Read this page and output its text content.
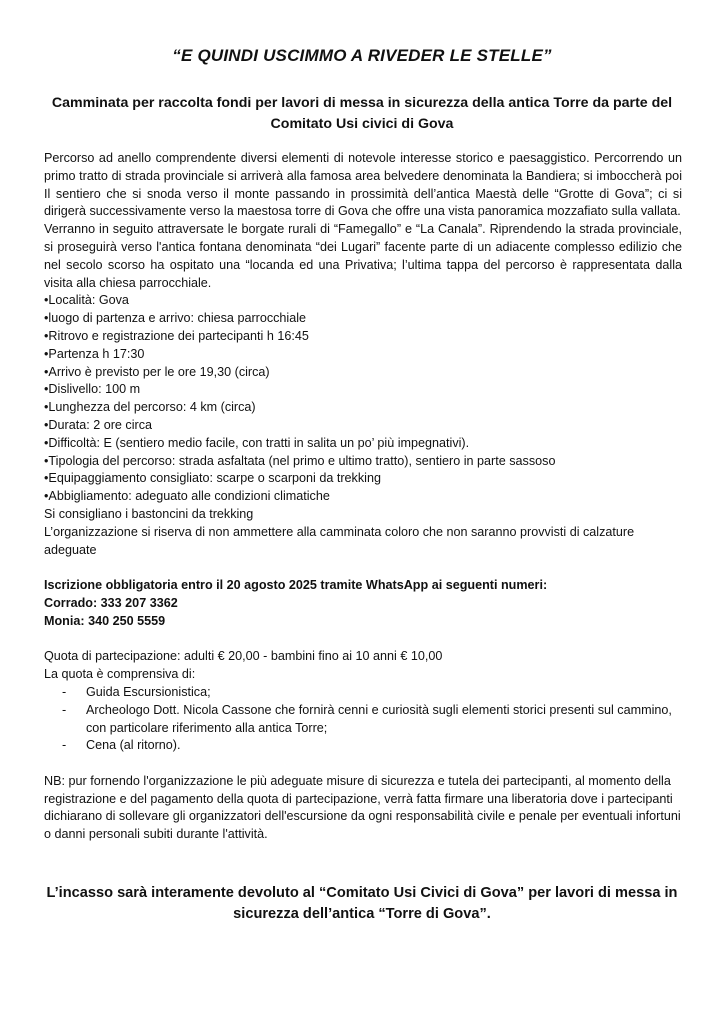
“E QUINDI USCIMMO A RIVEDER LE STELLE”
Camminata per raccolta fondi per lavori di messa in sicurezza della antica Torre da parte del Comitato Usi civici di Gova

Percorso ad anello comprendente diversi elementi di notevole interesse storico e paesaggistico. Percorrendo un primo tratto di strada provinciale si arriverà alla famosa area belvedere denominata la Bandiera; si imboccherà poi Il sentiero che si snoda verso il monte passando in prossimità dell’antica Maestà delle “Grotte di Gova”; ci si dirigerà successivamente verso la maestosa torre di Gova che offre una vista panoramica mozzafiato sulla vallata.

Verranno in seguito attraversate le borgate rurali di “Famegallo” e “La Canala”. Riprendendo la strada provinciale, si proseguirà verso l'antica fontana denominata “dei Lugari” facente parte di un adiacente complesso edilizio che nel secolo scorso ha ospitato una “locanda ed una Privativa; l’ultima tappa del percorso è rappresentata dalla visita alla chiesa parrocchiale.

• Località: Gova
• luogo di partenza e arrivo: chiesa parrocchiale
• Ritrovo e registrazione dei partecipanti h 16:45
• Partenza h 17:30
• Arrivo è previsto per le ore 19,30 (circa)
• Dislivello: 100 m
• Lunghezza del percorso: 4 km (circa)
• Durata: 2 ore circa
• Difficoltà: E (sentiero medio facile, con tratti in salita un po’ più impegnativi).
• Tipologia del percorso: strada asfaltata (nel primo e ultimo tratto), sentiero in parte sassoso
• Equipaggiamento consigliato: scarpe o scarponi da trekking
• Abbigliamento: adeguato alle condizioni climatiche

Si consigliano i bastoncini da trekking

L’organizzazione si riserva di non ammettere alla camminata coloro che non saranno provvisti di calzature adeguate

Iscrizione obbligatoria entro il 20 agosto 2025 tramite WhatsApp ai seguenti numeri:

Corrado: 333 207 3362

Monia: 340 250 5559

Quota di partecipazione: adulti € 20,00 - bambini fino ai 10 anni € 10,00

La quota è comprensiva di:

- Guida Escursionistica;
- Archeologo Dott. Nicola Cassone che fornirà cenni e curiosità sugli elementi storici presenti sul cammino, con particolare riferimento alla antica Torre;
- Cena (al ritorno).

NB: pur fornendo l'organizzazione le più adeguate misure di sicurezza e tutela dei partecipanti, al momento della registrazione e del pagamento della quota di partecipazione, verrà fatta firmare una liberatoria dove i partecipanti dichiarano di sollevare gli organizzatori dell'escursione da ogni responsabilità civile e penale per eventuali infortuni o danni personali subiti durante l'attività.

L’incasso sarà interamente devoluto al “Comitato Usi Civici di Gova” per lavori di messa in sicurezza dell’antica “Torre di Gova”.
